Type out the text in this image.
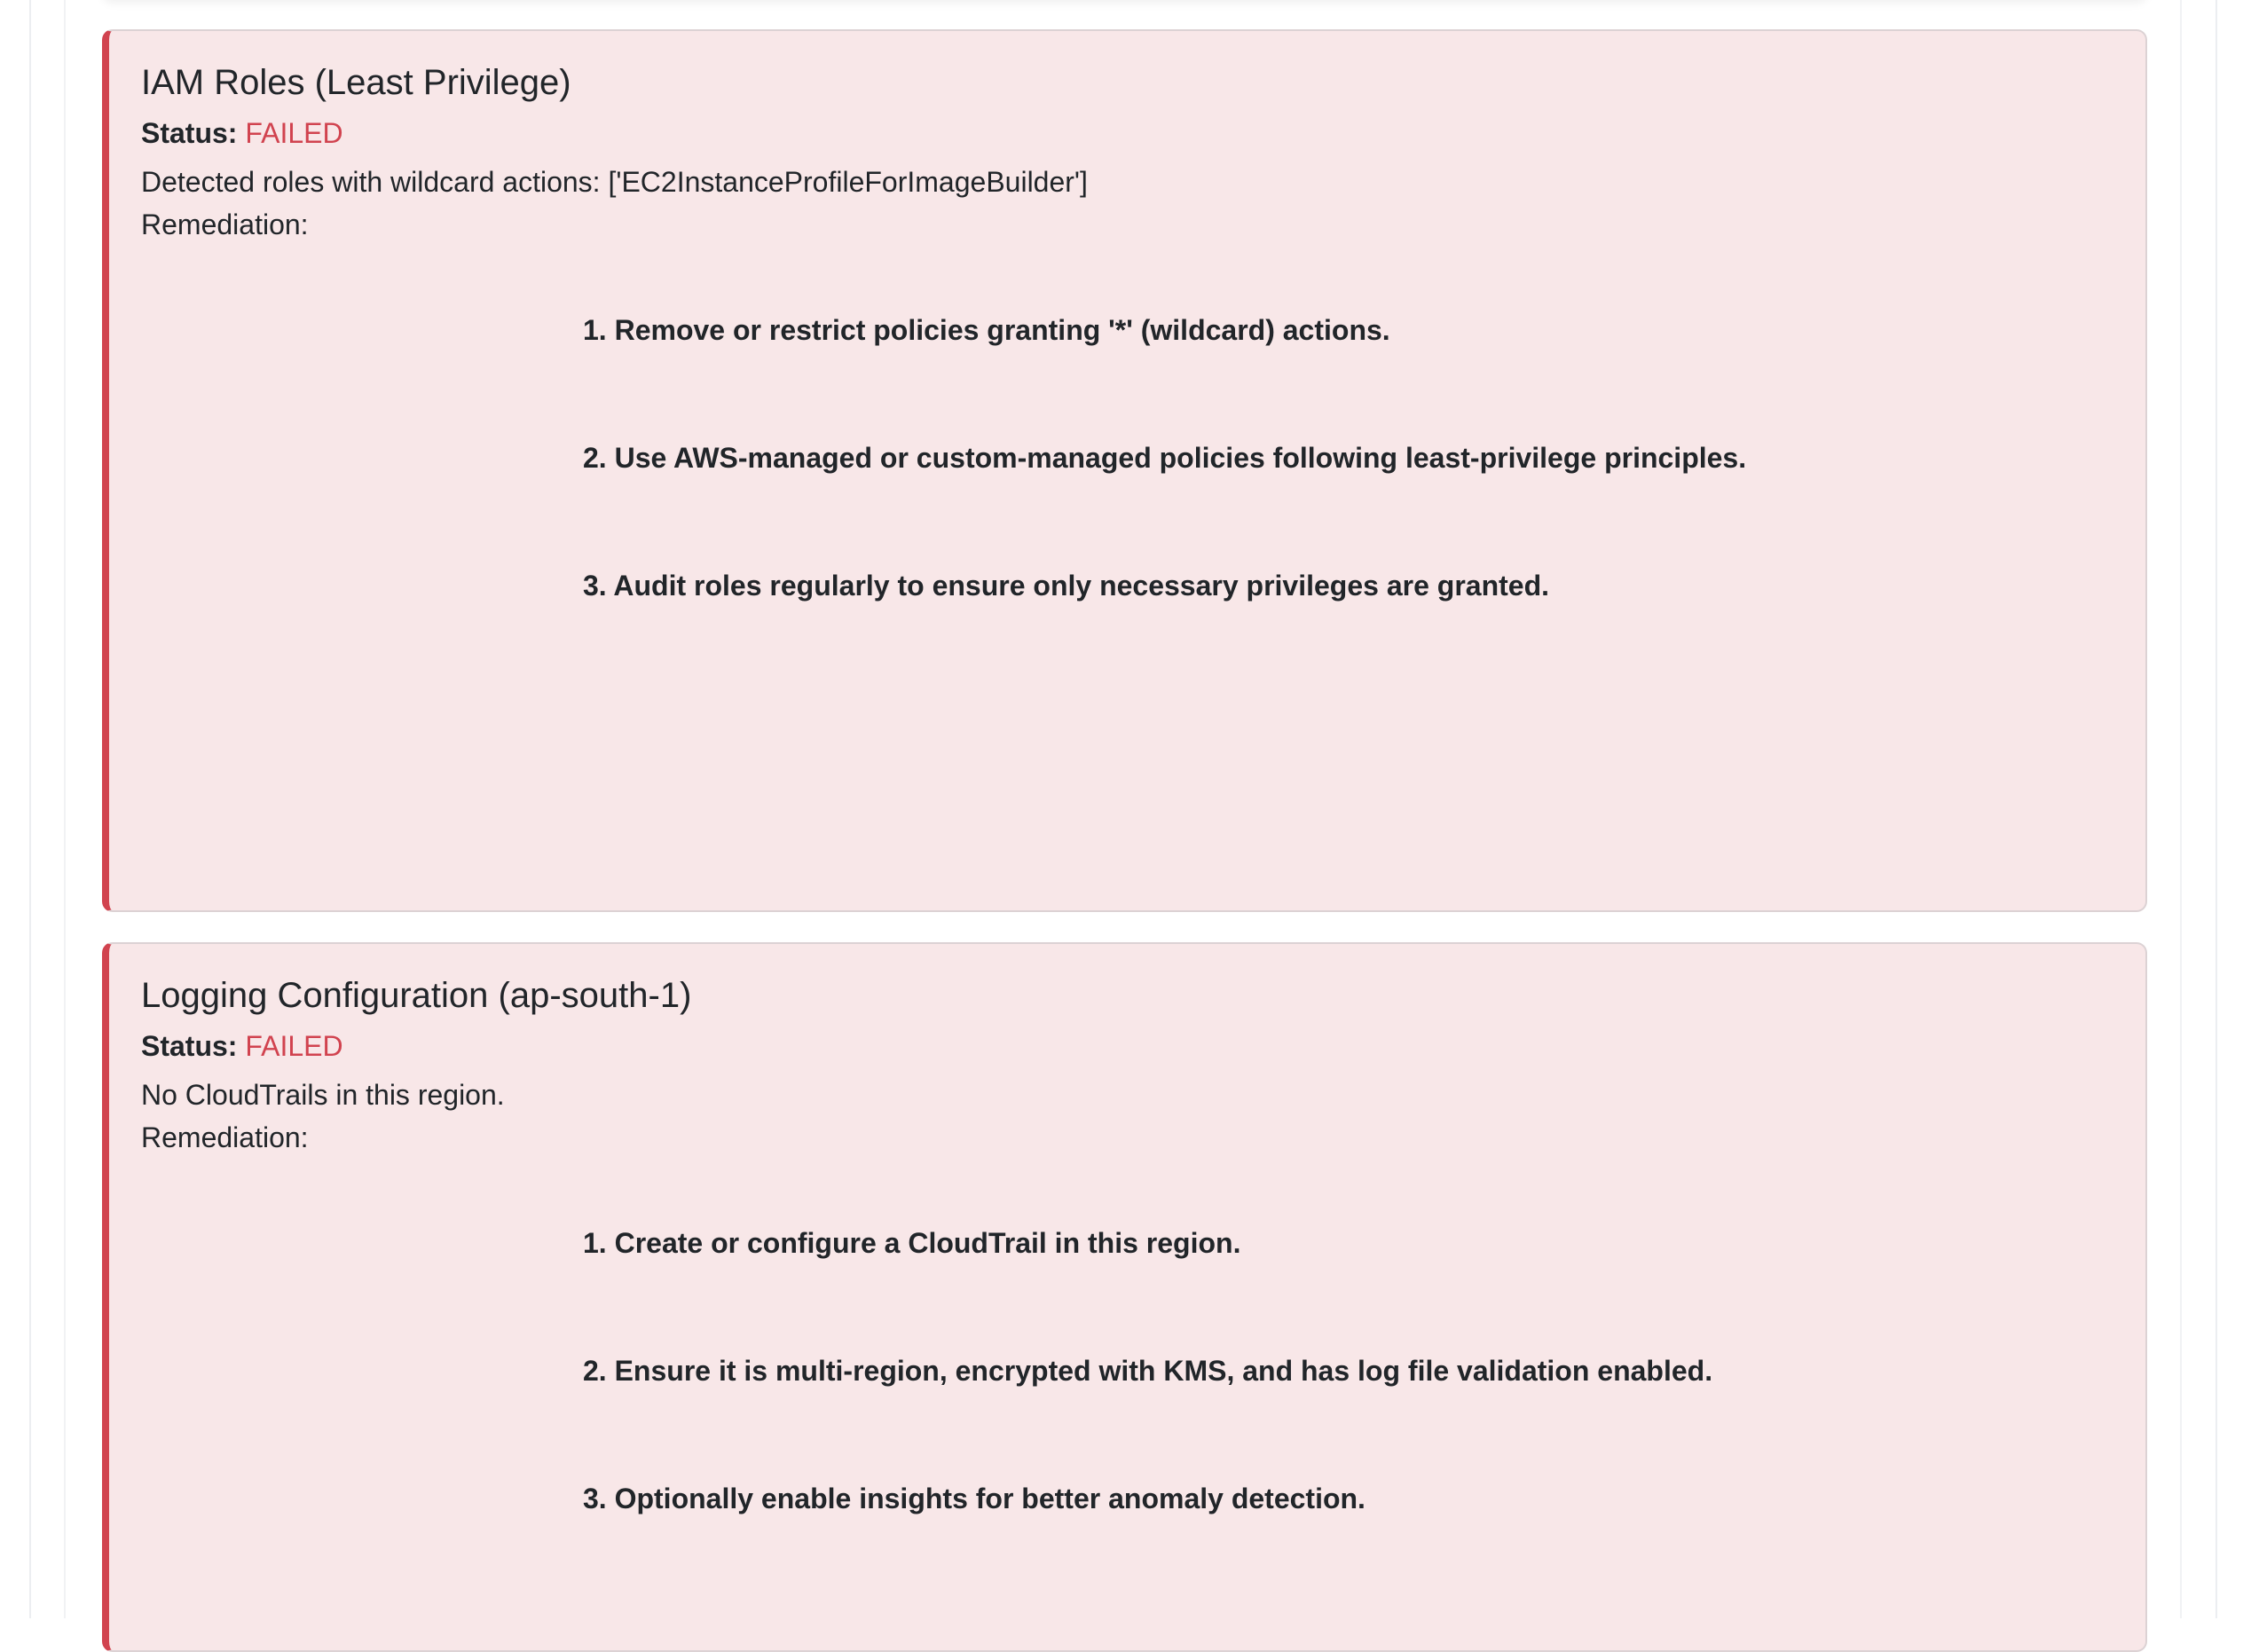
IAM Roles (Least Privilege)
Status: FAILED
Detected roles with wildcard actions: ['EC2InstanceProfileForImageBuilder']
Remediation:
1. Remove or restrict policies granting '*' (wildcard) actions.
2. Use AWS-managed or custom-managed policies following least-privilege principles.
3. Audit roles regularly to ensure only necessary privileges are granted.
Logging Configuration (ap-south-1)
Status: FAILED
No CloudTrails in this region.
Remediation:
1. Create or configure a CloudTrail in this region.
2. Ensure it is multi-region, encrypted with KMS, and has log file validation enabled.
3. Optionally enable insights for better anomaly detection.
